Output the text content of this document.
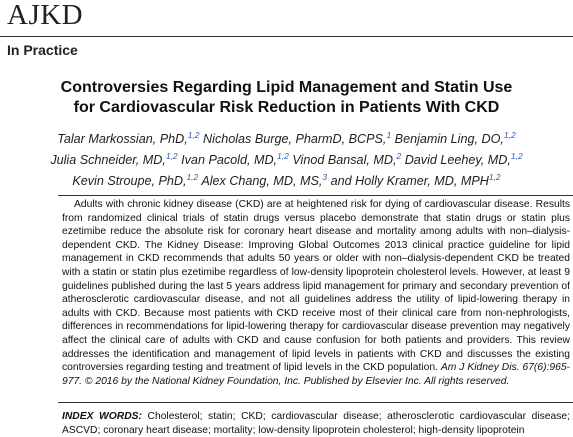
AJKD
In Practice
Controversies Regarding Lipid Management and Statin Use
for Cardiovascular Risk Reduction in Patients With CKD
Talar Markossian, PhD,$^{1,2}$ Nicholas Burge, PharmD, BCPS,$^1$ Benjamin Ling, DO,$^{1,2}$
Julia Schneider, MD,$^{1,2}$ Ivan Pacold, MD,$^{1,2}$ Vinod Bansal, MD,$^2$ David Leehey, MD,$^{1,2}$
Kevin Stroupe, PhD,$^{1,2}$ Alex Chang, MD, MS,$^3$ and Holly Kramer, MD, MPH$^{1,2}$

Adults with chronic kidney disease (CKD) are at heightened risk for dying of cardiovascular disease. Results from randomized clinical trials of statin drugs versus placebo demonstrate that statin drugs or statin plus ezetimibe reduce the absolute risk for coronary heart disease and mortality among adults with non–dialysis-dependent CKD. The Kidney Disease: Improving Global Outcomes 2013 clinical practice guideline for lipid management in CKD recommends that adults 50 years or older with non–dialysis-dependent CKD be treated with a statin or statin plus ezetimibe regardless of low-density lipoprotein cholesterol levels. However, at least 9 guidelines published during the last 5 years address lipid management for primary and secondary prevention of atherosclerotic cardiovascular disease, and not all guidelines address the utility of lipid-lowering therapy in adults with CKD. Because most patients with CKD receive most of their clinical care from non-nephrologists, differences in recommendations for lipid-lowering therapy for cardiovascular disease prevention may negatively affect the clinical care of adults with CKD and cause confusion for both patients and providers. This review addresses the identification and management of lipid levels in patients with CKD and discusses the existing controversies regarding testing and treatment of lipid levels in the CKD population. Am J Kidney Dis. 67(6):965-977. © 2016 by the National Kidney Foundation, Inc. Published by Elsevier Inc. All rights reserved.

INDEX WORDS: Cholesterol; statin; CKD; cardiovascular disease; atherosclerotic cardiovascular disease; ASCVD; coronary heart disease; mortality; low-density lipoprotein cholesterol; high-density lipoprotein
